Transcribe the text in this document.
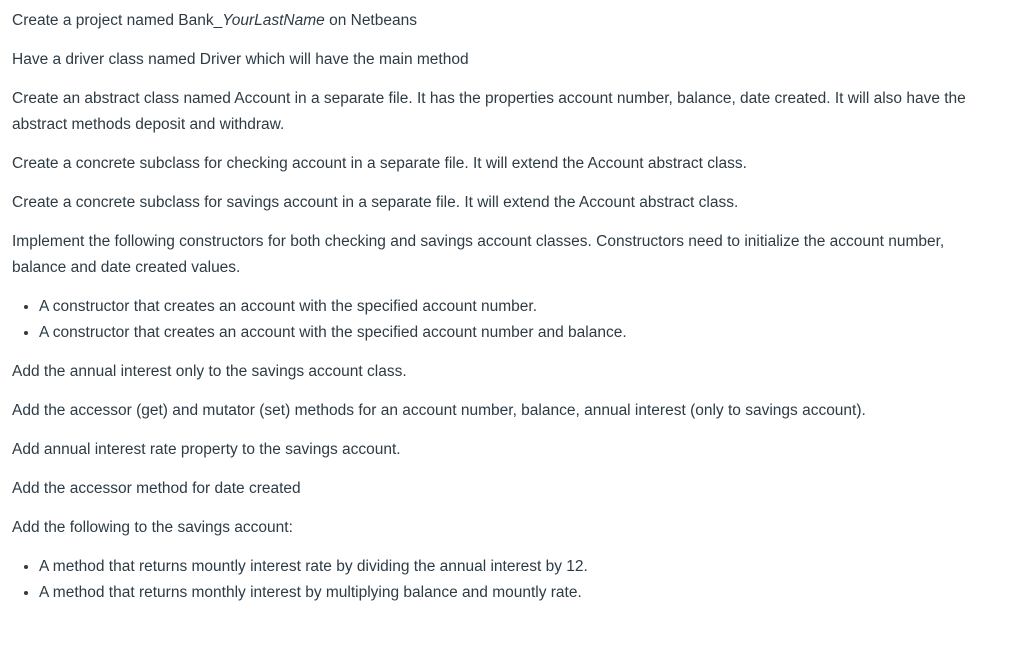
Create a project named Bank_YourLastName on Netbeans

Have a driver class named Driver which will have the main method

Create an abstract class named Account in a separate file. It has the properties account number, balance, date created. It will also have the abstract methods deposit and withdraw.

Create a concrete subclass for checking account in a separate file. It will extend the Account abstract class.

Create a concrete subclass for savings account in a separate file. It will extend the Account abstract class.

Implement the following constructors for both checking and savings account classes. Constructors need to initialize the account number, balance and date created values.

• A constructor that creates an account with the specified account number.
• A constructor that creates an account with the specified account number and balance.

Add the annual interest only to the savings account class.

Add the accessor (get) and mutator (set) methods for an account number, balance, annual interest (only to savings account).

Add annual interest rate property to the savings account.

Add the accessor method for date created

Add the following to the savings account:

• A method that returns mountly interest rate by dividing the annual interest by 12.
• A method that returns monthly interest by multiplying balance and mountly rate.
